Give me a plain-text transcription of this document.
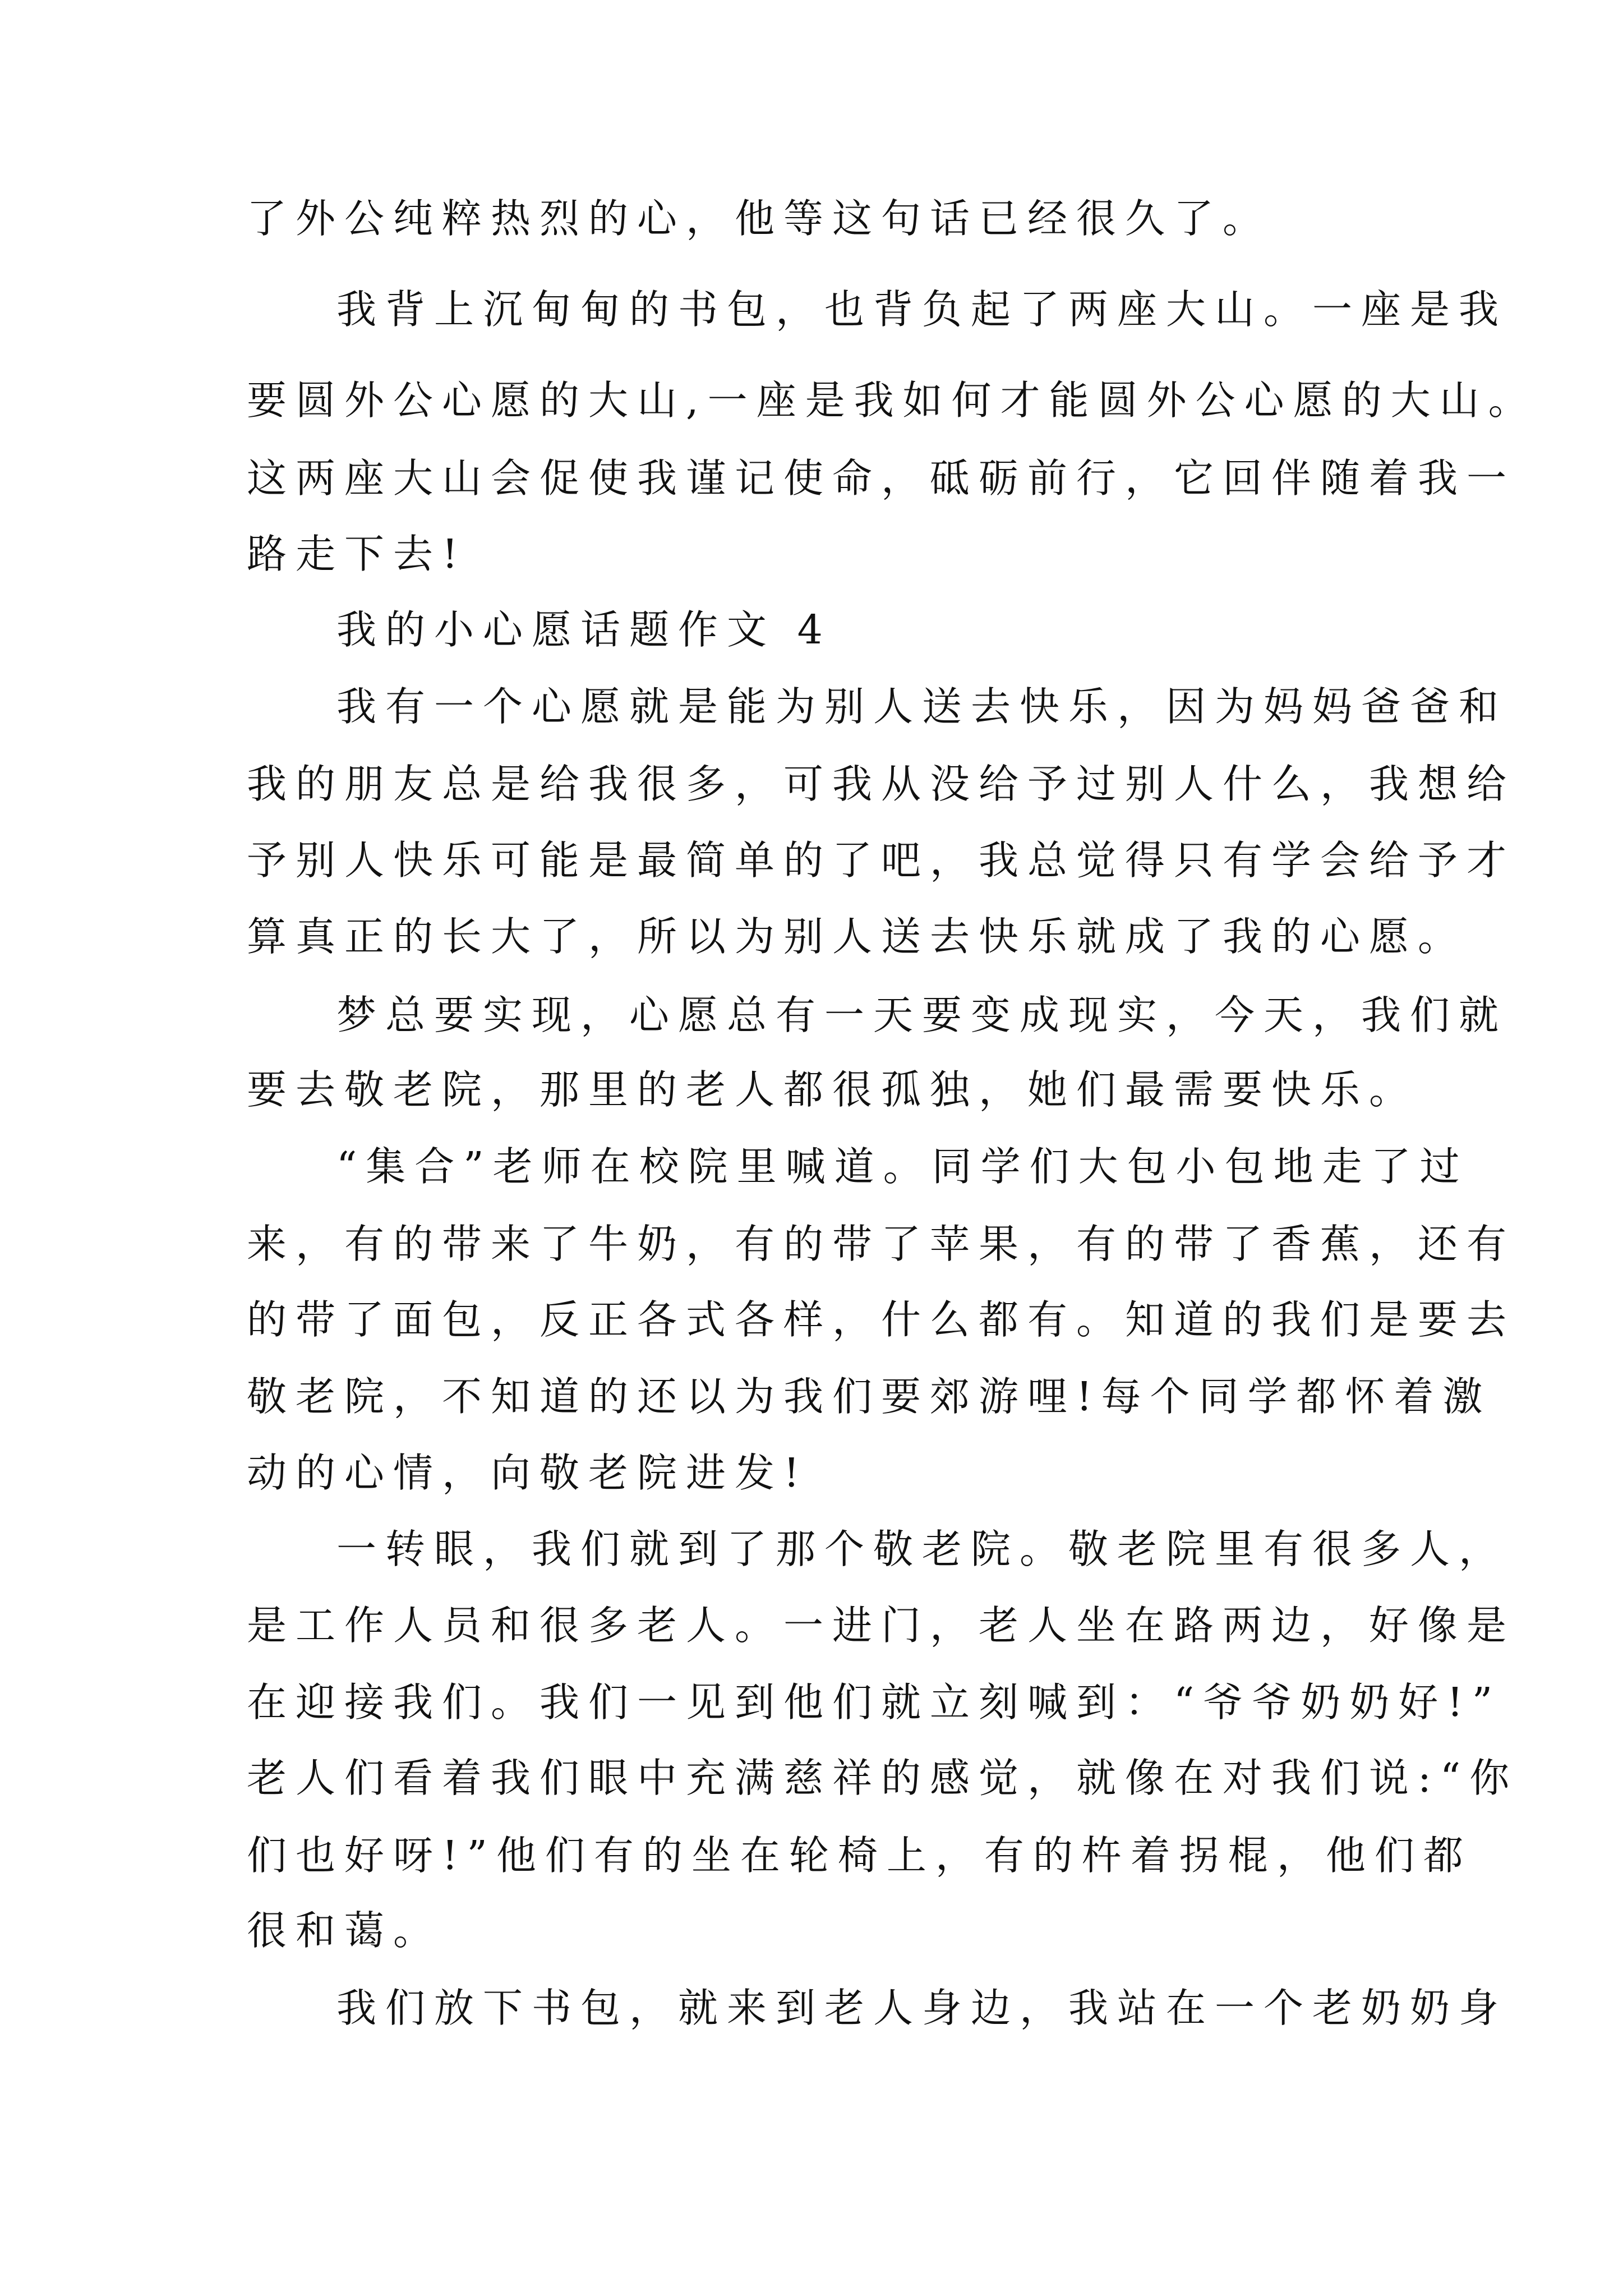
了外公纯粹热烈的心，他等这句话已经很久了。

我背上沉甸甸的书包，也背负起了两座大山。一座是我

要圆外公心愿的大山,一座是我如何才能圆外公心愿的大山。

这两座大山会促使我谨记使命，砥砺前行，它回伴随着我一

路走下去!

我的小心愿话题作文 4

我有一个心愿就是能为别人送去快乐，因为妈妈爸爸和

我的朋友总是给我很多，可我从没给予过别人什么，我想给

予别人快乐可能是最简单的了吧，我总觉得只有学会给予才

算真正的长大了，所以为别人送去快乐就成了我的心愿。

梦总要实现，心愿总有一天要变成现实，今天，我们就

要去敬老院，那里的老人都很孤独，她们最需要快乐。

“集合”老师在校院里喊道。同学们大包小包地走了过

来，有的带来了牛奶，有的带了苹果，有的带了香蕉，还有

的带了面包，反正各式各样，什么都有。知道的我们是要去

敬老院，不知道的还以为我们要郊游哩!每个同学都怀着激

动的心情，向敬老院进发!

一转眼，我们就到了那个敬老院。敬老院里有很多人，

是工作人员和很多老人。一进门，老人坐在路两边，好像是

在迎接我们。我们一见到他们就立刻喊到：“爷爷奶奶好!”

老人们看着我们眼中充满慈祥的感觉，就像在对我们说:“你

们也好呀!”他们有的坐在轮椅上，有的杵着拐棍，他们都

很和蔼。

我们放下书包，就来到老人身边，我站在一个老奶奶身
